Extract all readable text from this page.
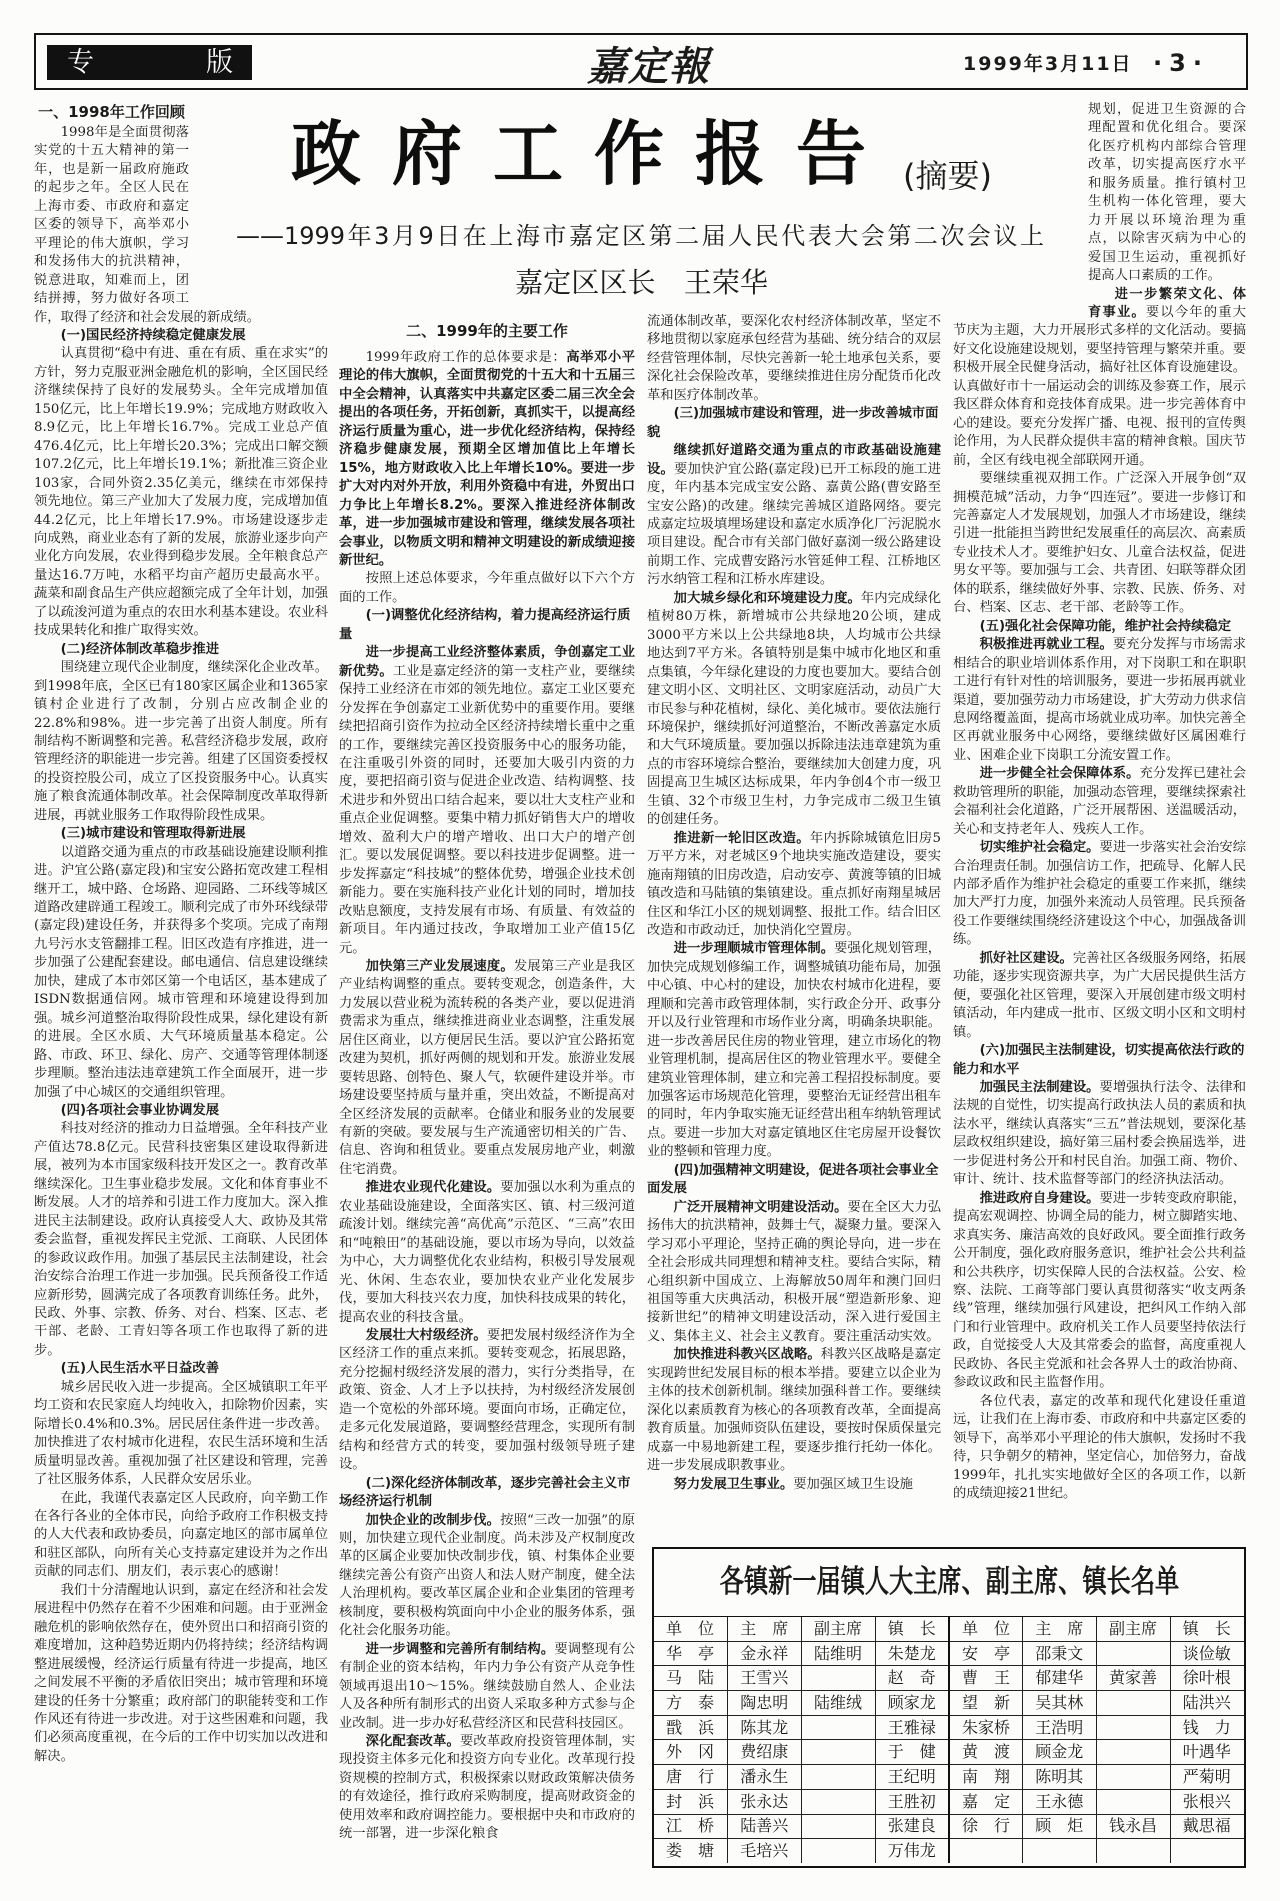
专	版	嘉定報	1999年3月11日 ·3·
政府工作报告 (摘要)
——1999年3月9日在上海市嘉定区第二届人民代表大会第二次会议上
嘉定区区长　王荣华
一、1998年工作回顾

1998年是全面贯彻落实党的十五大精神的第一年，也是新一届政府施政的起步之年。全区人民在上海市委、市政府和嘉定区委的领导下，高举邓小平理论的伟大旗帜，学习和发扬伟大的抗洪精神，锐意进取，知难而上，团结拼搏，努力做好各项工作，取得了经济和社会发展的新成绩。

(一)国民经济持续稳定健康发展

认真贯彻“稳中有进、重在有质、重在求实”的方针，努力克服亚洲金融危机的影响，全区国民经济继续保持了良好的发展势头。全年完成增加值150亿元，比上年增长19.9%；完成地方财政收入8.9亿元，比上年增长16.7%。完成工业总产值476.4亿元，比上年增长20.3%；完成出口解交额107.2亿元，比上年增长19.1%；新批准三资企业103家，合同外资2.35亿美元，继续在市郊保持领先地位。第三产业加大了发展力度，完成增加值44.2亿元，比上年增长17.9%。市场建设逐步走向成熟，商业业态有了新的发展，旅游业逐步向产业化方向发展，农业得到稳步发展。全年粮食总产量达16.7万吨，水稻平均亩产超历史最高水平。蔬菜和副食品生产供应超额完成了全年计划，加强了以疏浚河道为重点的农田水利基本建设。农业科技成果转化和推广取得实效。

(二)经济体制改革稳步推进

围绕建立现代企业制度，继续深化企业改革。到1998年底，全区已有180家区属企业和1365家镇村企业进行了改制，分别占应改制企业的22.8%和98%。进一步完善了出资人制度。所有制结构不断调整和完善。私营经济稳步发展，政府管理经济的职能进一步完善。组建了区国资委授权的投资控股公司，成立了区投资服务中心。认真实施了粮食流通体制改革。社会保障制度改革取得新进展，再就业服务工作取得阶段性成果。

(三)城市建设和管理取得新进展

以道路交通为重点的市政基础设施建设顺利推进。沪宜公路(嘉定段)和宝安公路拓宽改建工程相继开工，城中路、仓场路、迎园路、二环线等城区道路改建辟通工程竣工。顺利完成了市外环线绿带(嘉定段)建设任务，并获得多个奖项。完成了南翔九号污水支管翻排工程。旧区改造有序推进，进一步加强了公建配套建设。邮电通信、信息建设继续加快，建成了本市郊区第一个电话区，基本建成了ISDN数据通信网。城市管理和环境建设得到加强。城乡河道整治取得阶段性成果，绿化建设有新的进展。全区水质、大气环境质量基本稳定。公路、市政、环卫、绿化、房产、交通等管理体制逐步理顺。整治违法违章建筑工作全面展开，进一步加强了中心城区的交通组织管理。

(四)各项社会事业协调发展

科技对经济的推动力日益增强。全年科技产业产值达78.8亿元。民营科技密集区建设取得新进展，被列为本市国家级科技开发区之一。教育改革继续深化。卫生事业稳步发展。文化和体育事业不断发展。人才的培养和引进工作力度加大。深入推进民主法制建设。政府认真接受人大、政协及其常委会监督，重视发挥民主党派、工商联、人民团体的参政议政作用。加强了基层民主法制建设，社会治安综合治理工作进一步加强。民兵预备役工作适应新形势，圆满完成了各项教育训练任务。此外，民政、外事、宗教、侨务、对台、档案、区志、老干部、老龄、工青妇等各项工作也取得了新的进步。

(五)人民生活水平日益改善

城乡居民收入进一步提高。全区城镇职工年平均工资和农民家庭人均纯收入，扣除物价因素，实际增长0.4%和0.3%。居民居住条件进一步改善。加快推进了农村城市化进程，农民生活环境和生活质量明显改善。重视加强了社区建设和管理，完善了社区服务体系，人民群众安居乐业。

在此，我谨代表嘉定区人民政府，向辛勤工作在各行各业的全体市民，向给予政府工作积极支持的人大代表和政协委员，向嘉定地区的部市属单位和驻区部队，向所有关心支持嘉定建设并为之作出贡献的同志们、朋友们，表示衷心的感谢！

我们十分清醒地认识到，嘉定在经济和社会发展进程中仍然存在着不少困难和问题。由于亚洲金融危机的影响依然存在，使外贸出口和招商引资的难度增加，这种趋势近期内仍将持续；经济结构调整进展缓慢，经济运行质量有待进一步提高，地区之间发展不平衡的矛盾依旧突出；城市管理和环境建设的任务十分繁重；政府部门的职能转变和工作作风还有待进一步改进。对于这些困难和问题，我们必须高度重视，在今后的工作中切实加以改进和解决。

二、1999年的主要工作

1999年政府工作的总体要求是：高举邓小平理论的伟大旗帜，全面贯彻党的十五大和十五届三中全会精神，认真落实中共嘉定区委二届三次全会提出的各项任务，开拓创新，真抓实干，以提高经济运行质量为重心，进一步优化经济结构，保持经济稳步健康发展，预期全区增加值比上年增长15%，地方财政收入比上年增长10%。要进一步扩大对内对外开放，利用外资稳中有进，外贸出口力争比上年增长8.2%。要深入推进经济体制改革，进一步加强城市建设和管理，继续发展各项社会事业，以物质文明和精神文明建设的新成绩迎接新世纪。

按照上述总体要求，今年重点做好以下六个方面的工作。

(一)调整优化经济结构，着力提高经济运行质量

进一步提高工业经济整体素质，争创嘉定工业新优势。工业是嘉定经济的第一支柱产业，要继续保持工业经济在市郊的领先地位。嘉定工业区要充分发挥在争创嘉定工业新优势中的重要作用。要继续把招商引资作为拉动全区经济持续增长重中之重的工作，要继续完善区投资服务中心的服务功能，在注重吸引外资的同时，还要加大吸引内资的力度，要把招商引资与促进企业改造、结构调整、技术进步和外贸出口结合起来，要以壮大支柱产业和重点企业促调整。要集中精力抓好销售大户的增收增效、盈利大户的增产增收、出口大户的增产创汇。要以发展促调整。要以科技进步促调整。进一步发挥嘉定“科技城”的整体优势，增强企业技术创新能力。要在实施科技产业化计划的同时，增加技改贴息额度，支持发展有市场、有质量、有效益的新项目。年内通过技改，争取增加工业产值15亿元。

加快第三产业发展速度。发展第三产业是我区产业结构调整的重点。要转变观念，创造条件，大力发展以营业税为流转税的各类产业，要以促进消费需求为重点，继续推进商业业态调整，注重发展居住区商业，以方便居民生活。要以沪宜公路拓宽改建为契机，抓好两侧的规划和开发。旅游业发展要转思路、创特色、聚人气，软硬件建设并举。市场建设要坚持质与量并重，突出效益，不断提高对全区经济发展的贡献率。仓储业和服务业的发展要有新的突破。要发展与生产流通密切相关的广告、信息、咨询和租赁业。要重点发展房地产业，刺激住宅消费。

推进农业现代化建设。要加强以水利为重点的农业基础设施建设，全面落实区、镇、村三级河道疏浚计划。继续完善“高优高”示范区、“三高”农田和“吨粮田”的基础设施，要以市场为导向，以效益为中心，大力调整优化农业结构，积极引导发展观光、休闲、生态农业，要加快农业产业化发展步伐，要加大科技兴农力度，加快科技成果的转化，提高农业的科技含量。

发展壮大村级经济。要把发展村级经济作为全区经济工作的重点来抓。要转变观念，拓展思路，充分挖掘村级经济发展的潜力，实行分类指导，在政策、资金、人才上予以扶持，为村级经济发展创造一个宽松的外部环境。要面向市场，正确定位，走多元化发展道路，要调整经营理念，实现所有制结构和经营方式的转变，要加强村级领导班子建设。

(二)深化经济体制改革，逐步完善社会主义市场经济运行机制

加快企业的改制步伐。按照“三改一加强”的原则，加快建立现代企业制度。尚未涉及产权制度改革的区属企业要加快改制步伐，镇、村集体企业要继续完善公有资产出资人和法人财产制度，健全法人治理机构。要改革区属企业和企业集团的管理考核制度，要积极构筑面向中小企业的服务体系，强化社会化服务功能。

进一步调整和完善所有制结构。要调整现有公有制企业的资本结构，年内力争公有资产从竞争性领域再退出10～15%。继续鼓励自然人、企业法人及各种所有制形式的出资人采取多种方式参与企业改制。进一步办好私营经济区和民营科技园区。

深化配套改革。要改革政府投资管理体制，实现投资主体多元化和投资方向专业化。改革现行投资规模的控制方式，积极探索以财政政策解决债务的有效途径，推行政府采购制度，提高财政资金的使用效率和政府调控能力。要根据中央和市政府的统一部署，进一步深化粮食

流通体制改革，要深化农村经济体制改革，坚定不移地贯彻以家庭承包经营为基础、统分结合的双层经营管理体制，尽快完善新一轮土地承包关系，要深化社会保险改革，要继续推进住房分配货币化改革和医疗体制改革。

(三)加强城市建设和管理，进一步改善城市面貌

继续抓好道路交通为重点的市政基础设施建设。要加快沪宜公路(嘉定段)已开工标段的施工进度，年内基本完成宝安公路、嘉黄公路(曹安路至宝安公路)的改建。继续完善城区道路网络。要完成嘉定垃圾填埋场建设和嘉定水质净化厂污泥脱水项目建设。配合市有关部门做好嘉浏一级公路建设前期工作、完成曹安路污水管延伸工程、江桥地区污水纳管工程和江桥水库建设。

加大城乡绿化和环境建设力度。年内完成绿化植树80万株，新增城市公共绿地20公顷，建成3000平方米以上公共绿地8块，人均城市公共绿地达到7平方米。各镇特别是集中城市化地区和重点集镇，今年绿化建设的力度也要加大。要结合创建文明小区、文明社区、文明家庭活动，动员广大市民参与种花植树，绿化、美化城市。要依法施行环境保护，继续抓好河道整治，不断改善嘉定水质和大气环境质量。要加强以拆除违法违章建筑为重点的市容环境综合整治，要继续加大创建力度，巩固提高卫生城区达标成果，年内争创4个市一级卫生镇、32个市级卫生村，力争完成市二级卫生镇的创建任务。

推进新一轮旧区改造。年内拆除城镇危旧房5万平方米，对老城区9个地块实施改造建设，要实施南翔镇的旧房改造，启动安亭、黄渡等镇的旧城镇改造和马陆镇的集镇建设。重点抓好南翔星城居住区和华江小区的规划调整、报批工作。结合旧区改造和市政动迁，加快消化空置房。

进一步理顺城市管理体制。要强化规划管理，加快完成规划修编工作，调整城镇功能布局，加强中心镇、中心村的建设，加快农村城市化进程，要理顺和完善市政管理体制，实行政企分开、政事分开以及行业管理和市场作业分离，明确条块职能。进一步改善居民住房的物业管理，建立市场化的物业管理机制，提高居住区的物业管理水平。要健全建筑业管理体制，建立和完善工程招投标制度。要加强客运市场规范化管理，要整治无证经营出租车的同时，年内争取实施无证经营出租车纳轨管理试点。要进一步加大对嘉定镇地区住宅房屋开设餐饮业的整顿和管理力度。

(四)加强精神文明建设，促进各项社会事业全面发展

广泛开展精神文明建设活动。要在全区大力弘扬伟大的抗洪精神，鼓舞士气，凝聚力量。要深入学习邓小平理论，坚持正确的舆论导向，进一步在全社会形成共同理想和精神支柱。要结合实际，精心组织新中国成立、上海解放50周年和澳门回归祖国等重大庆典活动，积极开展“塑造新形象、迎接新世纪”的精神文明建设活动，深入进行爱国主义、集体主义、社会主义教育。要注重活动实效。

加快推进科教兴区战略。科教兴区战略是嘉定实现跨世纪发展目标的根本举措。要建立以企业为主体的技术创新机制。继续加强科普工作。要继续深化以素质教育为核心的各项教育改革，全面提高教育质量。加强师资队伍建设，要按时保质保量完成嘉一中易地新建工程，要逐步推行托幼一体化。进一步发展成职教事业。

努力发展卫生事业。要加强区域卫生设施

规划，促进卫生资源的合理配置和优化组合。要深化医疗机构内部综合管理改革，切实提高医疗水平和服务质量。推行镇村卫生机构一体化管理，要大力开展以环境治理为重点，以除害灭病为中心的爱国卫生运动，重视抓好提高人口素质的工作。

进一步繁荣文化、体育事业。要以今年的重大节庆为主题，大力开展形式多样的文化活动。要搞好文化设施建设规划，要坚持管理与繁荣并重。要积极开展全民健身活动，搞好社区体育设施建设。认真做好市十一届运动会的训练及参赛工作，展示我区群众体育和竞技体育成果。进一步完善体育中心的建设。要充分发挥广播、电视、报刊的宣传舆论作用，为人民群众提供丰富的精神食粮。国庆节前，全区有线电视全部联网开通。

要继续重视双拥工作。广泛深入开展争创“双拥模范城”活动，力争“四连冠”。要进一步修订和完善嘉定人才发展规划，加强人才市场建设，继续引进一批能担当跨世纪发展重任的高层次、高素质专业技术人才。要维护妇女、儿童合法权益，促进男女平等。要加强与工会、共青团、妇联等群众团体的联系，继续做好外事、宗教、民族、侨务、对台、档案、区志、老干部、老龄等工作。

(五)强化社会保障功能，维护社会持续稳定

积极推进再就业工程。要充分发挥与市场需求相结合的职业培训体系作用，对下岗职工和在职职工进行有针对性的培训服务，要进一步拓展再就业渠道，要加强劳动力市场建设，扩大劳动力供求信息网络覆盖面，提高市场就业成功率。加快完善全区再就业服务中心网络，要继续做好区属困难行业、困难企业下岗职工分流安置工作。

进一步健全社会保障体系。充分发挥已建社会救助管理所的职能，加强动态管理，要继续探索社会福利社会化道路，广泛开展帮困、送温暖活动，关心和支持老年人、残疾人工作。

切实维护社会稳定。要进一步落实社会治安综合治理责任制。加强信访工作，把疏导、化解人民内部矛盾作为维护社会稳定的重要工作来抓，继续加大严打力度，加强外来流动人员管理。民兵预备役工作要继续围绕经济建设这个中心，加强战备训练。

抓好社区建设。完善社区各级服务网络，拓展功能，逐步实现资源共享，为广大居民提供生活方便，要强化社区管理，要深入开展创建市级文明村镇活动，年内建成一批市、区级文明小区和文明村镇。

(六)加强民主法制建设，切实提高依法行政的能力和水平

加强民主法制建设。要增强执行法令、法律和法规的自觉性，切实提高行政执法人员的素质和执法水平，继续认真落实“三五”普法规划，要深化基层政权组织建设，搞好第三届村委会换届选举，进一步促进村务公开和村民自治。加强工商、物价、审计、统计、技术监督等部门的经济执法活动。

推进政府自身建设。要进一步转变政府职能，提高宏观调控、协调全局的能力，树立脚踏实地、求真实务、廉洁高效的良好政风。要全面推行政务公开制度，强化政府服务意识，维护社会公共利益和公共秩序，切实保障人民的合法权益。公安、检察、法院、工商等部门要认真贯彻落实“收支两条线”管理，继续加强行风建设，把纠风工作纳入部门和行业管理中。政府机关工作人员要坚持依法行政，自觉接受人大及其常委会的监督，高度重视人民政协、各民主党派和社会各界人士的政治协商、参政议政和民主监督作用。

各位代表，嘉定的改革和现代化建设任重道远，让我们在上海市委、市政府和中共嘉定区委的领导下，高举邓小平理论的伟大旗帜，发扬时不我待，只争朝夕的精神，坚定信心，加倍努力，奋战1999年，扎扎实实地做好全区的各项工作，以新的成绩迎接21世纪。

各镇新一届镇人大主席、副主席、镇长名单
单　位	主　席	副主席	镇　长	单　位	主　席	副主席	镇　长
华　亭	金永祥	陆维明	朱楚龙	安　亭	邵秉文		谈俭敏
马　陆	王雪兴		赵　奇	曹　王	郁建华	黄家善	徐叶根
方　泰	陶忠明	陆维绒	顾家龙	望　新	吴其林		陆洪兴
戬　浜	陈其龙		王雅禄	朱家桥	王浩明		钱　力
外　冈	费绍康		于　健	黄　渡	顾金龙		叶遇华
唐　行	潘永生		王纪明	南　翔	陈明其		严菊明
封　浜	张永达		王胜初	嘉　定	王永德		张根兴
江　桥	陆善兴		张建良	徐　行	顾　炬	钱永昌	戴思福
娄　塘	毛培兴		万伟龙				
